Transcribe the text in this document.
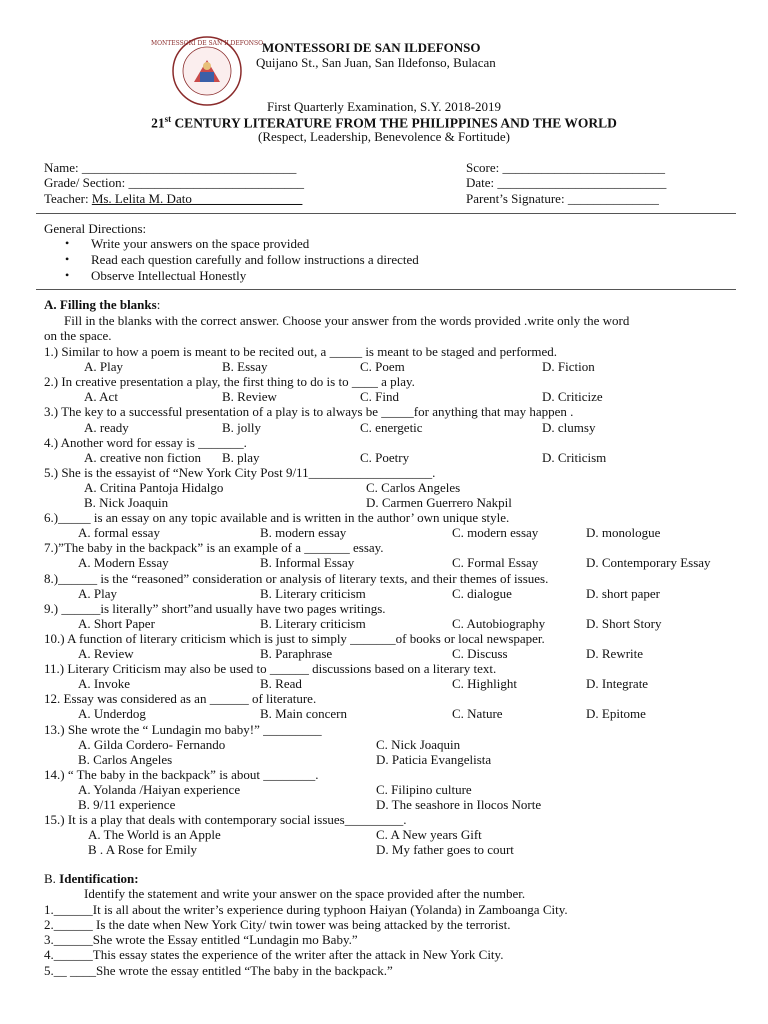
MONTESSORI DE SAN ILDEFONSO
MONTESSORI DE SAN ILDEFONSO
Quijano St., San Juan, San Ildefonso, Bulacan
First Quarterly Examination, S.Y. 2018-2019
21st CENTURY LITERATURE FROM THE PHILIPPINES AND THE WORLD
(Respect, Leadership, Benevolence & Fortitude)
Name: _________________________________
Grade/ Section: ___________________________
Teacher: Ms. Lelita M. Dato_________________
Score: _________________________
Date: __________________________
Parent’s Signature: ______________
General Directions:
• Write your answers on the space provided
• Read each question carefully and follow instructions a directed
• Observe Intellectual Honestly
A. Filling the blanks:
Fill in the blanks with the correct answer. Choose your answer from the words provided .write only the word
on the space.
1.) Similar to how a poem is meant to be recited out, a _____ is meant to be staged and performed.
A. Play	B. Essay	C. Poem	D. Fiction
2.) In creative presentation a play, the first thing to do is to ____ a play.
A. Act	B. Review	C. Find	D. Criticize
3.) The key to a successful presentation of a play is to always be _____for anything that may happen .
A. ready	B. jolly	C. energetic	D. clumsy
4.) Another word for essay is _______.
A. creative non fiction B. play	C. Poetry	D. Criticism
5.) She is the essayist of “New York City Post 9/11___________________.
A. Critina Pantoja Hidalgo	C. Carlos Angeles
B. Nick Joaquin	D. Carmen Guerrero Nakpil
6.)_____ is an essay on any topic available and is written in the author’ own unique style.
A. formal essay	B. modern essay	C. modern essay	D. monologue
7.)”The baby in the backpack” is an example of a _______ essay.
A. Modern Essay	B. Informal Essay	C. Formal Essay	D. Contemporary Essay
8.)______ is the “reasoned” consideration or analysis of literary texts, and their themes of issues.
A. Play	B. Literary criticism	C. dialogue	D. short paper
9.) ______is literally” short”and usually have two pages writings.
A. Short Paper	B. Literary criticism	C. Autobiography	D. Short Story
10.) A function of literary criticism which is just to simply _______of books or local newspaper.
A. Review	B. Paraphrase	C. Discuss	D. Rewrite
11.) Literary Criticism may also be used to ______ discussions based on a literary text.
A. Invoke	B. Read	C. Highlight	D. Integrate
12. Essay was considered as an ______ of literature.
A. Underdog	B. Main concern	C. Nature	D. Epitome
13.) She wrote the “ Lundagin mo baby!” _________
A. Gilda Cordero- Fernando	C. Nick Joaquin
B. Carlos Angeles	D. Paticia Evangelista
14.) “ The baby in the backpack” is about ________.
A. Yolanda /Haiyan experience	C. Filipino culture
B. 9/11 experience	D. The seashore in Ilocos Norte
15.) It is a play that deals with contemporary social issues_________.
A. The World is an Apple	C. A New years Gift
B . A Rose for Emily	D. My father goes to court
B. Identification:
Identify the statement and write your answer on the space provided after the number.
1.______It is all about the writer’s experience during typhoon Haiyan (Yolanda) in Zamboanga City.
2.______ Is the date when New York City/ twin tower was being attacked by the terrorist.
3.______She wrote the Essay entitled “Lundagin mo Baby.”
4.______This essay states the experience of the writer after the attack in New York City.
5.__ ____She wrote the essay entitled “The baby in the backpack.”
